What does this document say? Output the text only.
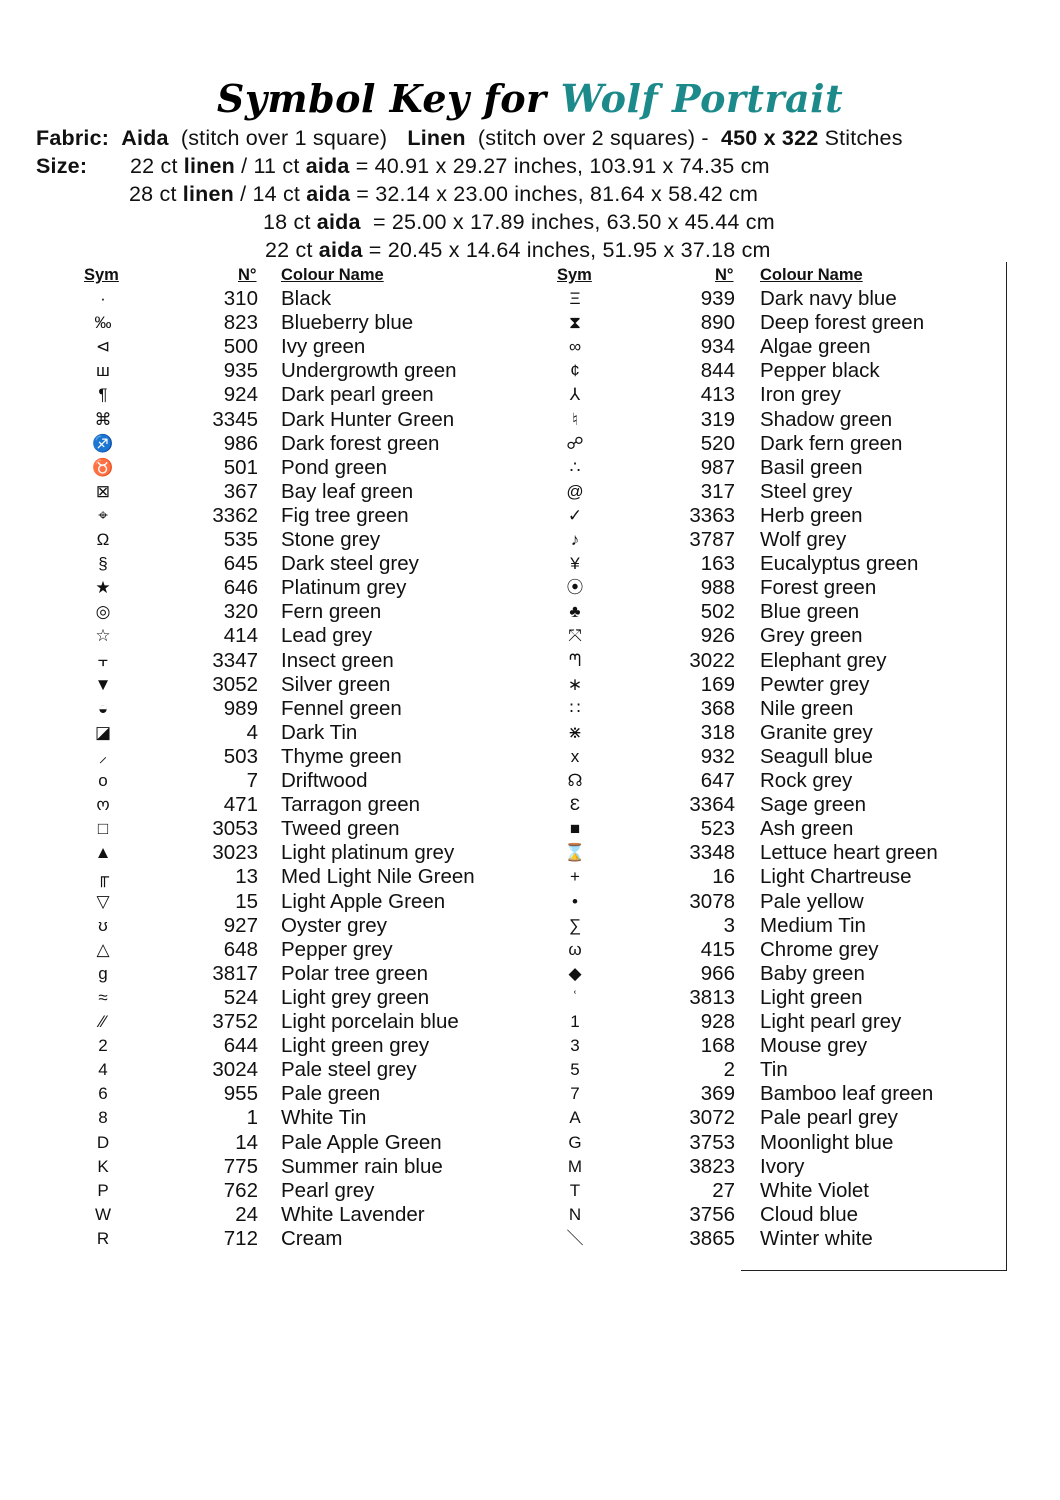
Symbol Key for Wolf Portrait
Fabric: Aida (stitch over 1 square) Linen (stitch over 2 squares) - 450 x 322 Stitches
Size: 22 ct linen / 11 ct aida = 40.91 x 29.27 inches, 103.91 x 74.35 cm
28 ct linen / 14 ct aida = 32.14 x 23.00 inches, 81.64 x 58.42 cm
18 ct aida  = 25.00 x 17.89 inches, 63.50 x 45.44 cm
22 ct aida = 20.45 x 14.64 inches, 51.95 x 37.18 cm
Sym	N° Colour Name	Sym	N° Colour Name
·	310 Black
‰	823 Blueberry blue
⊲	500 Ivy green
ш	935 Undergrowth green
¶	924 Dark pearl green
⌘	3345 Dark Hunter Green
♐	986 Dark forest green
♉	501 Pond green
⊠	367 Bay leaf green
⌖	3362 Fig tree green
Ω	535 Stone grey
§	645 Dark steel grey
★	646 Platinum grey
◎	320 Fern green
☆	414 Lead grey
⫟	3347 Insect green
▼	3052 Silver green
◒	989 Fennel green
◪	4 Dark Tin
⸝	503 Thyme green
o	7 Driftwood
ო	471 Tarragon green
□	3053 Tweed green
▲	3023 Light platinum grey
╓	13 Med Light Nile Green
▽	15 Light Apple Green
ʊ	927 Oyster grey
△	648 Pepper grey
g	3817 Polar tree green
≈	524 Light grey green
⁄⁄	3752 Light porcelain blue
2	644 Light green grey
4	3024 Pale steel grey
6	955 Pale green
8	1 White Tin
D	14 Pale Apple Green
K	775 Summer rain blue
P	762 Pearl grey
W	24 White Lavender
R	712 Cream
Ξ	939 Dark navy blue
⧗	890 Deep forest green
∞	934 Algae green
¢	844 Pepper black
⅄	413 Iron grey
♮	319 Shadow green
☍	520 Dark fern green
∴	987 Basil green
@	317 Steel grey
✓	3363 Herb green
♪	3787 Wolf grey
¥	163 Eucalyptus green
⦿	988 Forest green
♣	502 Blue green
⤧	926 Grey green
ᘉ	3022 Elephant grey
∗	169 Pewter grey
∷	368 Nile green
⋇	318 Granite grey
x	932 Seagull blue
☊	647 Rock grey
Ɛ	3364 Sage green
■	523 Ash green
⌛	3348 Lettuce heart green
+	16 Light Chartreuse
•	3078 Pale yellow
∑	3 Medium Tin
ω	415 Chrome grey
◆	966 Baby green
ʿ	3813 Light green
1	928 Light pearl grey
3	168 Mouse grey
5	2 Tin
7	369 Bamboo leaf green
A	3072 Pale pearl grey
G	3753 Moonlight blue
M	3823 Ivory
T	27 White Violet
N	3756 Cloud blue
＼	3865 Winter white
